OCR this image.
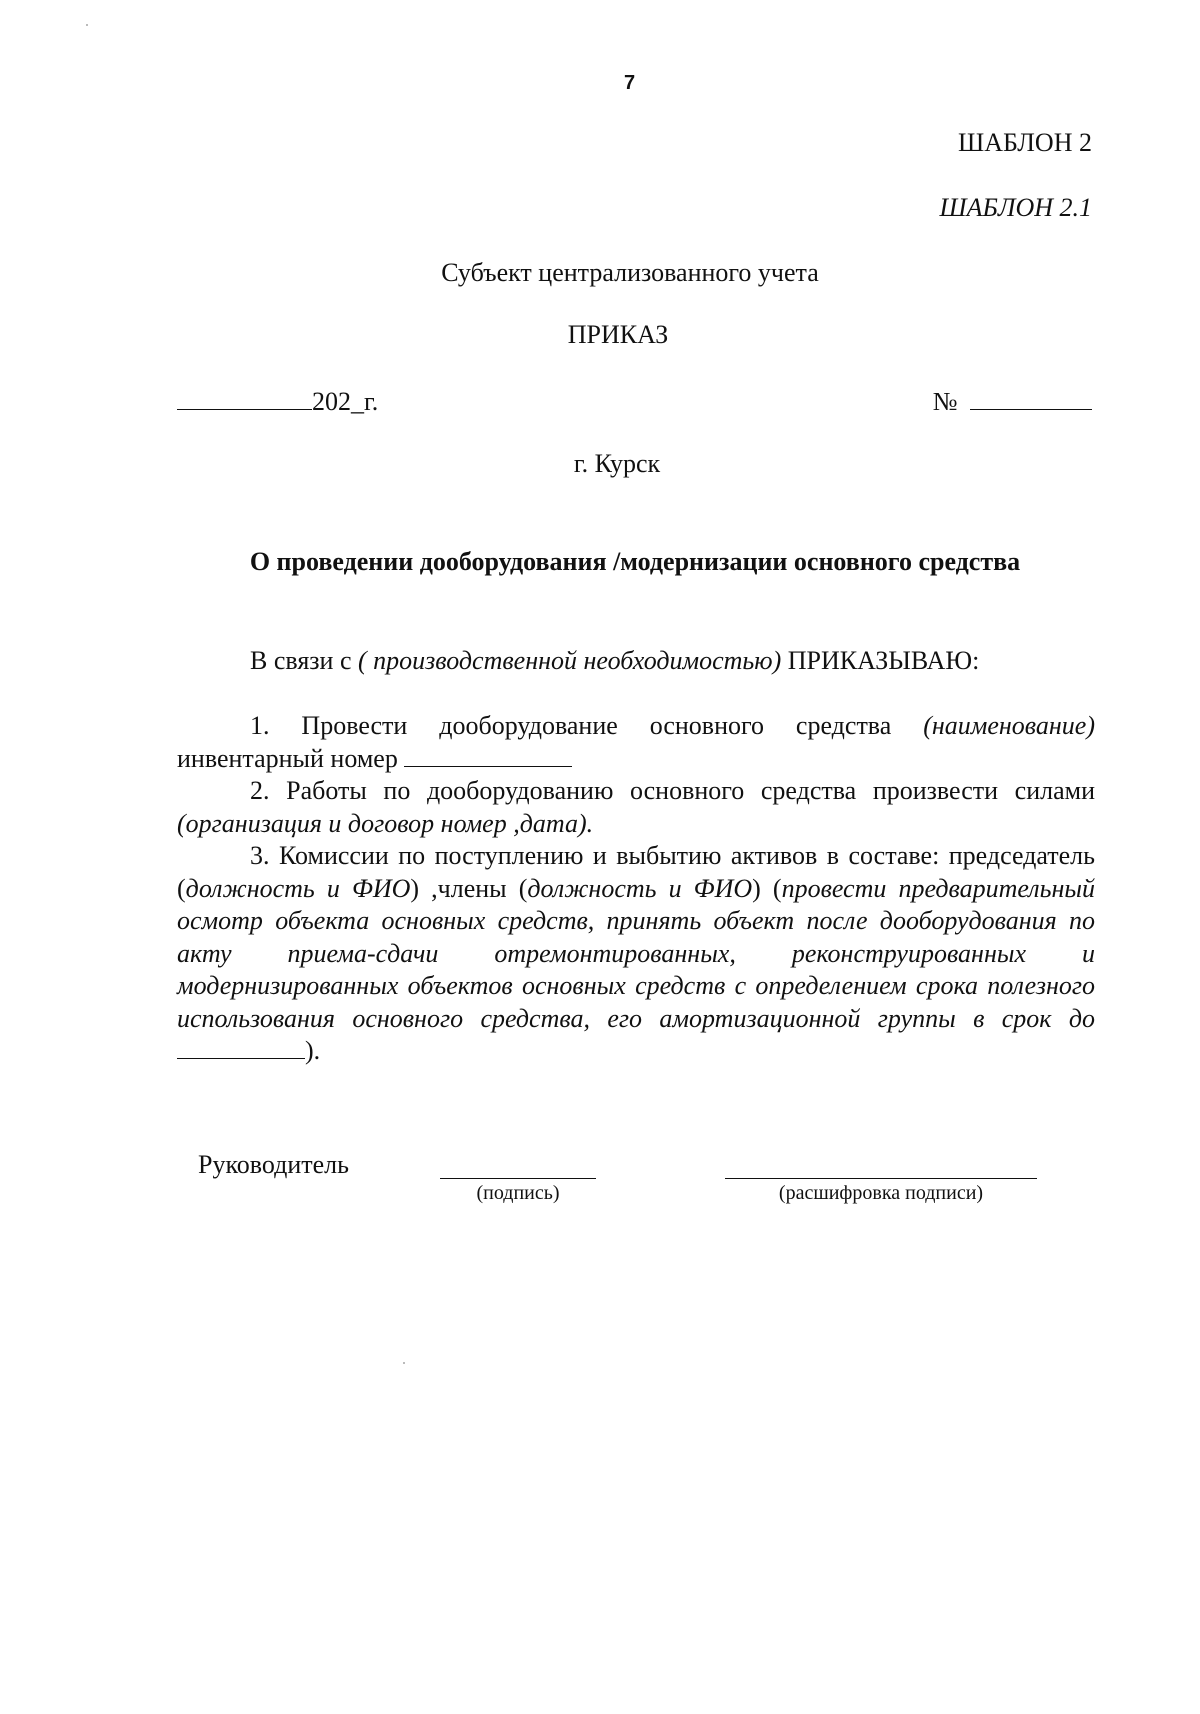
7
ШАБЛОН 2
ШАБЛОН 2.1
Субъект централизованного учета
ПРИКАЗ
202_г.	№
г. Курск
О проведении дооборудования /модернизации основного средства
В связи с ( производственной необходимостью) ПРИКАЗЫВАЮ:

1. Провести дооборудование основного средства (наименование) инвентарный номер

2. Работы по дооборудованию основного средства произвести силами (организация и договор номер ,дата).

3. Комиссии по поступлению и выбытию активов в составе: председатель (должность и ФИО) ,члены (должность и ФИО) (провести предварительный осмотр объекта основных средств, принять объект после дооборудования по акту приема-сдачи отремонтированных, реконструированных и модернизированных объектов основных средств с определением срока полезного использования основного средства, его амортизационной группы в срок до ).

Руководитель
(подпись)	(расшифровка подписи)
